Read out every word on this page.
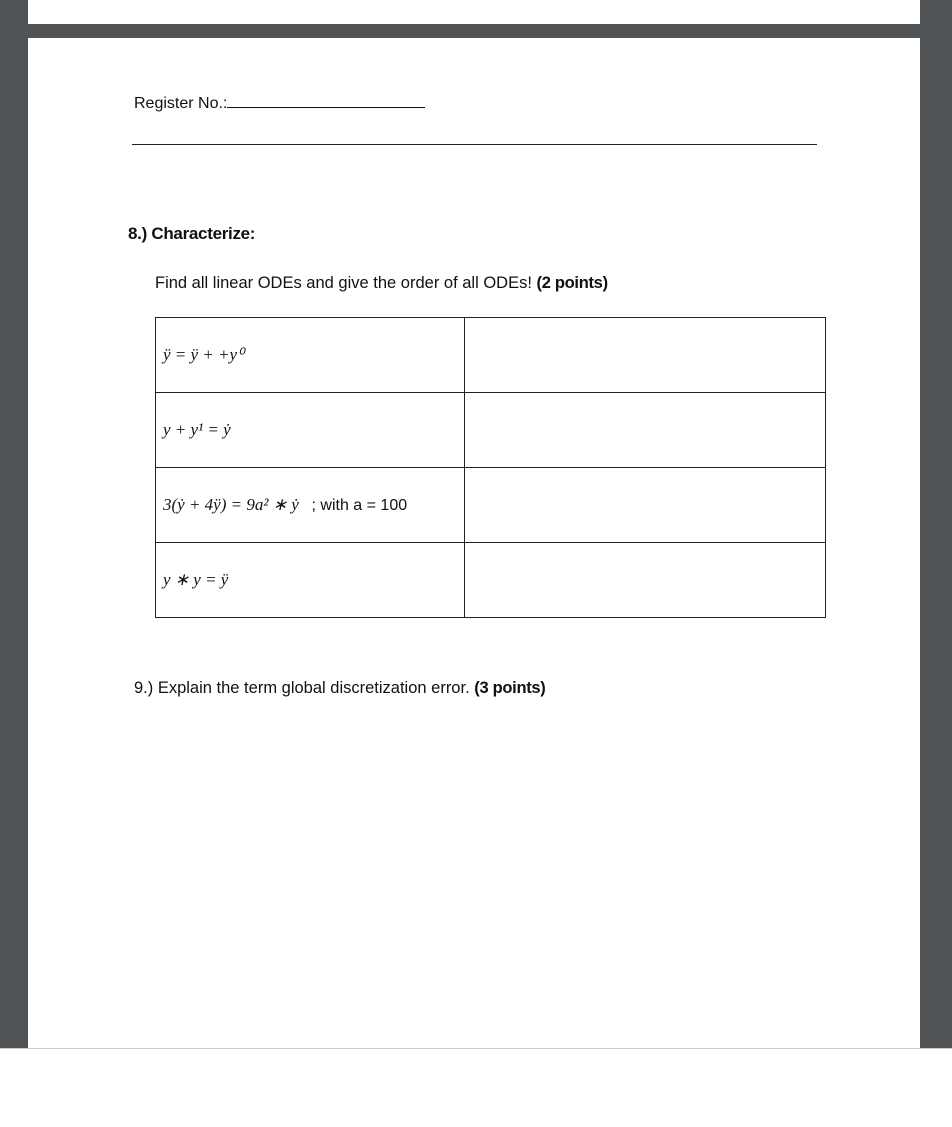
Register No.:
8.) Characterize:
Find all linear ODEs and give the order of all ODEs! (2 points)
ÿ = ÿ + +y⁰	
y + y¹ = ẏ	
3(ẏ + 4ÿ) = 9a² ∗ ẏ ; with a = 100	
y ∗ y = ÿ	
9.) Explain the term global discretization error. (3 points)
